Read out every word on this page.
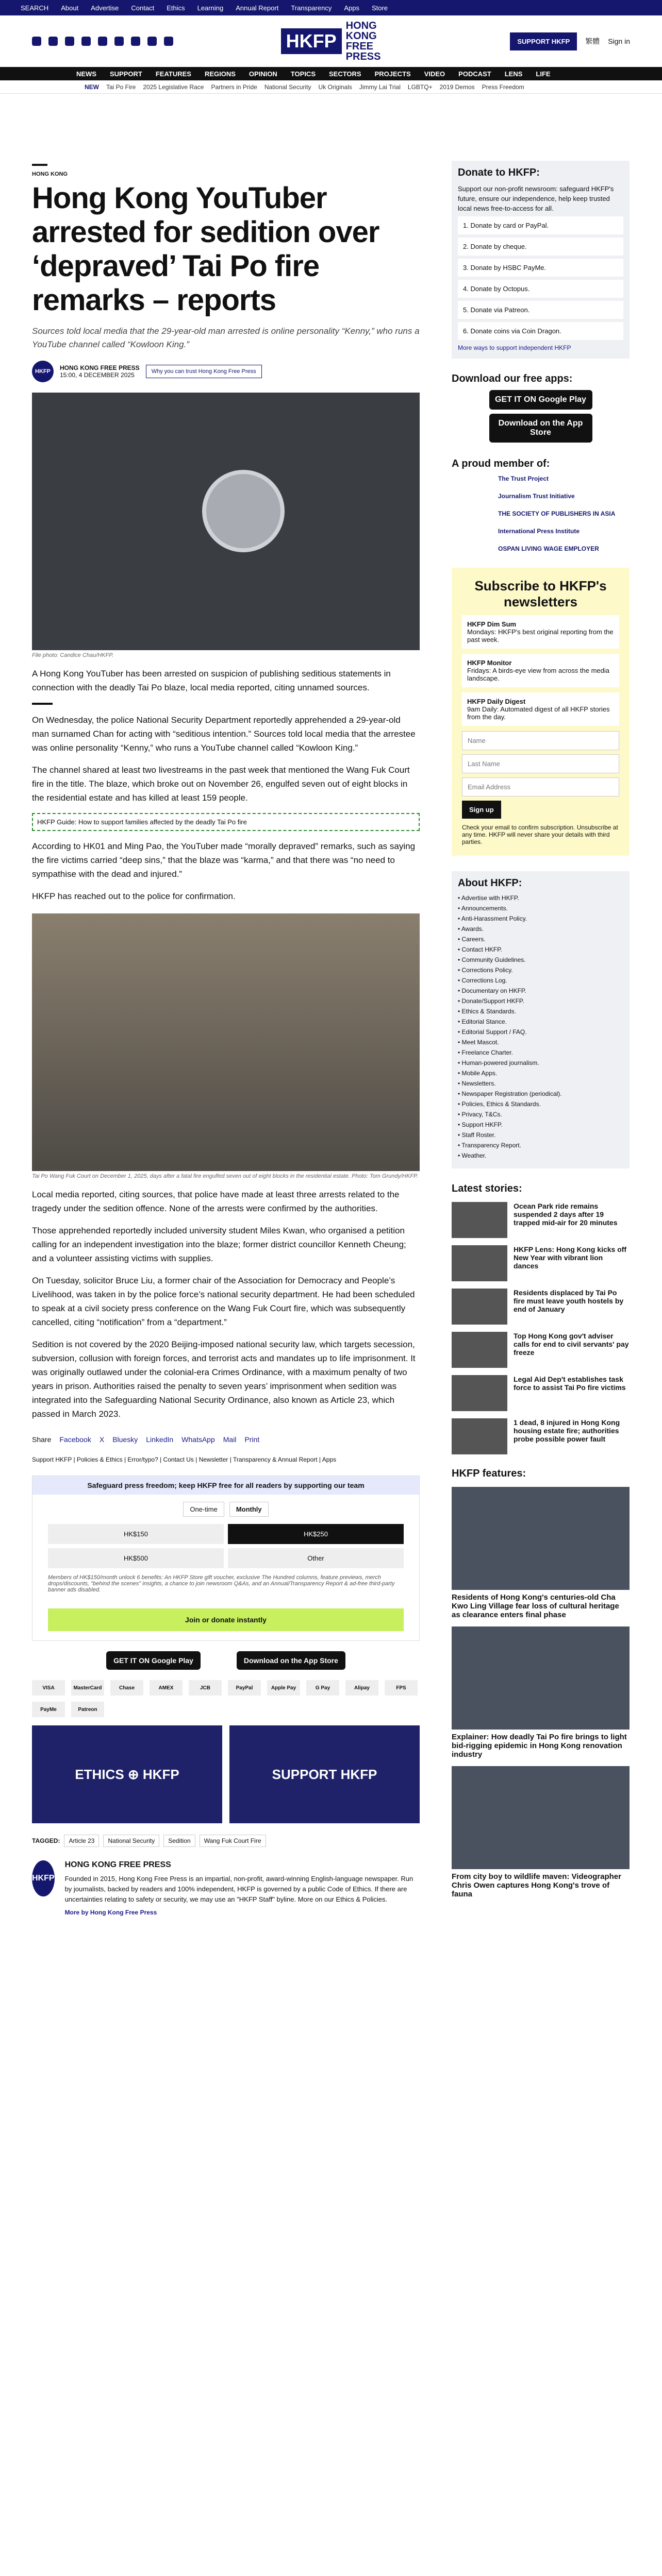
SEARCH About Advertise Contact Ethics Learning Annual Report Transparency Apps Store
HKFP
HONG KONG FREE PRESS
SUPPORT HKFP	繁體 Sign in
NEWS SUPPORT FEATURES REGIONS OPINION TOPICS SECTORS PROJECTS VIDEO PODCAST LENS LIFE
NEW Tai Po Fire 2025 Legislative Race Partners in Pride National Security Uk Originals Jimmy Lai Trial LGBTQ+ 2019 Demos Press Freedom
HONG KONG
Hong Kong YouTuber arrested for sedition over ‘depraved’ Tai Po fire remarks – reports

Sources told local media that the 29-year-old man arrested is online personality “Kenny,” who runs a YouTube channel called “Kowloon King.”

HKFP	HONG KONG FREE PRESS
15:00, 4 DECEMBER 2025	Why you can trust Hong Kong Free Press
File photo: Candice Chau/HKFP.

A Hong Kong YouTuber has been arrested on suspicion of publishing seditious statements in connection with the deadly Tai Po blaze, local media reported, citing unnamed sources.

On Wednesday, the police National Security Department reportedly apprehended a 29-year-old man surnamed Chan for acting with “seditious intention.” Sources told local media that the arrestee was online personality “Kenny,” who runs a YouTube channel called “Kowloon King.”

The channel shared at least two livestreams in the past week that mentioned the Wang Fuk Court fire in the title. The blaze, which broke out on November 26, engulfed seven out of eight blocks in the residential estate and has killed at least 159 people.

HKFP Guide: How to support families affected by the deadly Tai Po fire

According to HK01 and Ming Pao, the YouTuber made “morally depraved” remarks, such as saying the fire victims carried “deep sins,” that the blaze was “karma,” and that there was “no need to sympathise with the dead and injured.”

HKFP has reached out to the police for confirmation.

Tai Po Wang Fuk Court on December 1, 2025, days after a fatal fire engulfed seven out of eight blocks in the residential estate. Photo: Tom Grundy/HKFP.

Local media reported, citing sources, that police have made at least three arrests related to the tragedy under the sedition offence. None of the arrests were confirmed by the authorities.

Those apprehended reportedly included university student Miles Kwan, who organised a petition calling for an independent investigation into the blaze; former district councillor Kenneth Cheung; and a volunteer assisting victims with supplies.

On Tuesday, solicitor Bruce Liu, a former chair of the Association for Democracy and People’s Livelihood, was taken in by the police force’s national security department. He had been scheduled to speak at a civil society press conference on the Wang Fuk Court fire, which was subsequently cancelled, citing “notification” from a “department.”

Sedition is not covered by the 2020 Beijing-imposed national security law, which targets secession, subversion, collusion with foreign forces, and terrorist acts and mandates up to life imprisonment. It was originally outlawed under the colonial-era Crimes Ordinance, with a maximum penalty of two years in prison. Authorities raised the penalty to seven years’ imprisonment when sedition was integrated into the Safeguarding National Security Ordinance, also known as Article 23, which passed in March 2023.

Share Facebook X Bluesky LinkedIn WhatsApp Mail Print
Support HKFP | Policies & Ethics | Error/typo? | Contact Us | Newsletter | Transparency & Annual Report | Apps
Safeguard press freedom; keep HKFP free for all readers by supporting our team
One-time	Monthly
HK$150	HK$250
HK$500	Other
Members of HK$150/month unlock 6 benefits: An HKFP Store gift voucher, exclusive The Hundred columns, feature previews, merch drops/discounts, "behind the scenes" insights, a chance to join newsroom Q&As, and an Annual/Transparency Report & ad-free third-party banner ads disabled.
Join or donate instantly
GET IT ON Google Play	Download on the App Store
VISA	MasterCard	Chase	AMEX	JCB	PayPal	Apple Pay	G Pay	Alipay	FPS
PayMe	Patreon
ETHICS ⊕ HKFP	SUPPORT HKFP
TAGGED:	Article 23	National Security	Sedition	Wang Fuk Court Fire
HKFP
HONG KONG FREE PRESS

Founded in 2015, Hong Kong Free Press is an impartial, non-profit, award-winning English-language newspaper. Run by journalists, backed by readers and 100% independent, HKFP is governed by a public Code of Ethics. If there are uncertainties relating to safety or security, we may use an "HKFP Staff" byline. More on our Ethics & Policies.

More by Hong Kong Free Press
Donate to HKFP:

Support our non-profit newsroom: safeguard HKFP's future, ensure our independence, help keep trusted local news free-to-access for all.

1. Donate by card or PayPal.
2. Donate by cheque.
3. Donate by HSBC PayMe.
4. Donate by Octopus.
5. Donate via Patreon.
6. Donate coins via Coin Dragon.
More ways to support independent HKFP
Download our free apps:
GET IT ON Google Play
Download on the App Store
A proud member of:
The Trust Project
Journalism Trust Initiative
THE SOCIETY OF PUBLISHERS IN ASIA
International Press Institute
OSPAN LIVING WAGE EMPLOYER
Subscribe to HKFP's newsletters
HKFP Dim Sum
Mondays: HKFP's best original reporting from the past week.
HKFP Monitor
Fridays: A birds-eye view from across the media landscape.
HKFP Daily Digest
9am Daily: Automated digest of all HKFP stories from the day.
Name
Last Name
Email Address
Sign up

Check your email to confirm subscription. Unsubscribe at any time. HKFP will never share your details with third parties.

About HKFP:
• Advertise with HKFP.
• Announcements.
• Anti-Harassment Policy.
• Awards.
• Careers.
• Contact HKFP.
• Community Guidelines.
• Corrections Policy.
• Corrections Log.
• Documentary on HKFP.
• Donate/Support HKFP.
• Ethics & Standards.
• Editorial Stance.
• Editorial Support / FAQ.
• Meet Mascot.
• Freelance Charter.
• Human-powered journalism.
• Mobile Apps.
• Newsletters.
• Newspaper Registration (periodical).
• Policies, Ethics & Standards.
• Privacy, T&Cs.
• Support HKFP.
• Staff Roster.
• Transparency Report.
• Weather.
Latest stories:
Ocean Park ride remains suspended 2 days after 19 trapped mid-air for 20 minutes
HKFP Lens: Hong Kong kicks off New Year with vibrant lion dances
Residents displaced by Tai Po fire must leave youth hostels by end of January
Top Hong Kong gov't adviser calls for end to civil servants' pay freeze
Legal Aid Dep't establishes task force to assist Tai Po fire victims
1 dead, 8 injured in Hong Kong housing estate fire; authorities probe possible power fault
HKFP features:
Residents of Hong Kong's centuries-old Cha Kwo Ling Village fear loss of cultural heritage as clearance enters final phase
Explainer: How deadly Tai Po fire brings to light bid-rigging epidemic in Hong Kong renovation industry
From city boy to wildlife maven: Videographer Chris Owen captures Hong Kong's trove of fauna
